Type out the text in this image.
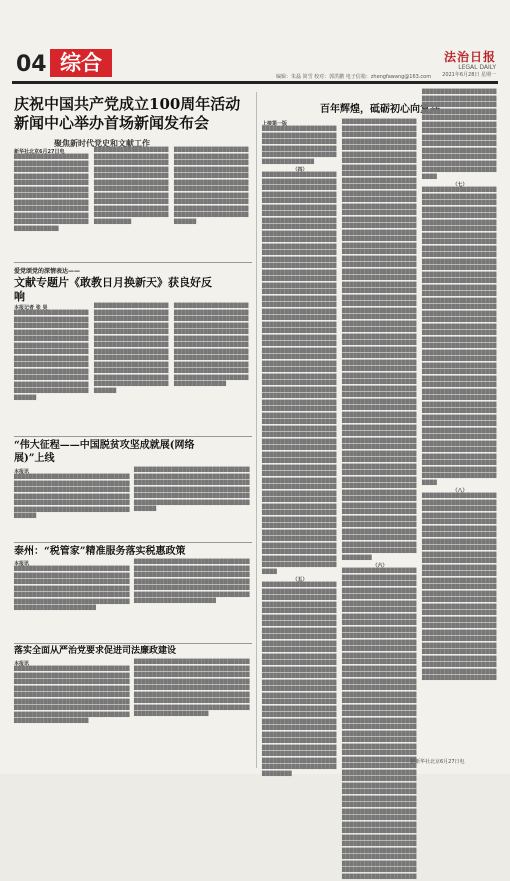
04 综合	法治日报
LEGAL DAILY
2021年6月28日 星期一
编辑：朱磊 简雪 校对：郭洪鹏 电子信箱：zhengfawang@163.com
庆祝中国共产党成立100周年活动
新闻中心举办首场新闻发布会
聚焦新时代党史和文献工作
新华社北京6月27日电
████████████████████████████████████████████████████████████████████████████████████████████████████████████████████████████████████████████████████████████████████████████████████████████████████████████████████████████████████████
██████████████████████████████████████████████████████████████████████████████████████████████████████████████████████████████████████████████████████████████████████████████████████████████████████████████████████████████████████
██████████████████████████████████████████████████████████████████████████████████████████████████████████████████████████████████████████████████████████████████████████████████████████████████████████████████████████████████
爱党颂党的深情表达——
文献专题片《敢教日月换新天》获良好反响
本报记者 张 昊
██████████████████████████████████████████████████████████████████████████████████████████████████████████████████████████████████████████████████████████████████████████████████████████████████████████████████████████████████████████████████████████████████████████
██████████████████████████████████████████████████████████████████████████████████████████████████████████████████████████████████████████████████████████████████████████████████████████████████████████████████████████████████████████████████████████████████████████
██████████████████████████████████████████████████████████████████████████████████████████████████████████████████████████████████████████████████████████████████████████████████████████████████████████████████████████████████████████████████████████████
“伟大征程——中国脱贫攻坚成就展(网络展)”上线
本报讯
████████████████████████████████████████████████████████████████████████████████████████████████████████████████████████████████████████████████████████████████████████████████████████████████
████████████████████████████████████████████████████████████████████████████████████████████████████████████████████████████████████████████████████████████████████████████████████████████████
泰州：“税管家”精准服务落实税惠政策
本报讯
████████████████████████████████████████████████████████████████████████████████████████████████████████████████████████████████████████████████████████████████████████████████████████████████████████████████
████████████████████████████████████████████████████████████████████████████████████████████████████████████████████████████████████████████████████████████████████████████████████████████████████████████████
落实全面从严治党要求促进司法廉政建设
本报讯
████████████████████████████████████████████████████████████████████████████████████████████████████████████████████████████████████████████████████████████████████████████████████████████████████████████████████████████████████████████████████████████████████████████
████████████████████████████████████████████████████████████████████████████████████████████████████████████████████████████████████████████████████████████████████████████████████████████████████████████████████████████████████████████████████████████████████████████
百年辉煌，砥砺初心向复兴
上接第一版
██████████████████████████████████████████████████████████████████████████████████████████████████████████████████
（四）
████████████████████████████████████████████████████████████████████████████████████████████████████████████████████████████████████████████████████████████████████████████████████████████████████████████████████████████████████████████████████████████████████████████████████████████████████████████████████████████████████████████████████████████████████████████████████████████████████████████████████████████████████████████████████████████████████████████████████████████████████████████████████████████████████████████████████████████████████████████████████████████████████████████████████████████████████████████████████████████████████████████████████████████████████████████████████████████████████████████████████████████████████████████████████████████████████████████████████████████████████████████████████████████████████████████████████████████████████████████████████████████████████████████████████████████████████████████████████████████████████████████████████████████████████████████████████████████████████████████████████████████████████████████████████████████████████████████████████████████████████████████████████████████████████████████████████████████████████████████████████████████████████████
（五）
████████████████████████████████████████████████████████████████████████████████████████████████████████████████████████████████████████████████████████████████████████████████████████████████████████████████████████████████████████████████████████████████████████████████████████████████████████████████████████████████████████████████████████████████████████████████████████████████████████████████████████████████████████████████████████████████████████████████████████████████████████████████████████████████████████████████████████████████████████████████████████████████████████████
████████████████████████████████████████████████████████████████████████████████████████████████████████████████████████████████████████████████████████████████████████████████████████████████████████████████████████████████████████████████████████████████████████████████████████████████████████████████████████████████████████████████████████████████████████████████████████████████████████████████████████████████████████████████████████████████████████████████████████████████████████████████████████████████████████████████████████████████████████████████████████████████████████████████████████████████████████████████████████████████████████████████████████████████████████████████████████████████████████████████████████████████████████████████████████████████████████████████████████████████████████████████████████████████████████████████████████████████████████████████████████████████████████████████████████████████████████████████████████████████████████████████████████████████████████████████████████████████████████████████████████████████████████████████████████████████████████████████████████████████████████████████████████████████████████████████████████████████████████████████████████████████████████████████████████████████████████████████████████████████████████████████████████████████████████████████████████████████████
（六）
████████████████████████████████████████████████████████████████████████████████████████████████████████████████████████████████████████████████████████████████████████████████████████████████████████████████████████████████████████████████████████████████████████████████████████████████████████████████████████████████████████████████████████████████████████████████████████████████████████████████████████████████████████████████████████████████████████████████████████████████████████████████████████████████████████████████████████████████████████████████████████████████████████████████████████████████████████████████████████████████████████████████████████████████████████████████████████████████████████████████████████████████████████████████████████████████████████████████████████████████████████████████████████████████████████████████████████████████████████████████████████████████████████████████████████████████████████████████████████████████
████████████████████████████████████████████████████████████████████████████████████████████████████████████████████████████████████████████████████████████████████████████████████████████████████████████████████████████████████████████████████████████████████████
（七）
████████████████████████████████████████████████████████████████████████████████████████████████████████████████████████████████████████████████████████████████████████████████████████████████████████████████████████████████████████████████████████████████████████████████████████████████████████████████████████████████████████████████████████████████████████████████████████████████████████████████████████████████████████████████████████████████████████████████████████████████████████████████████████████████████████████████████████████████████████████████████████████████████████████████████████████████████████████████████████████████████████████████████████████████████████████████████████████████████████████████████████████████████████████████████████████████████████████████████████████████████████████████████████████████████████████████████████████████████████████████████████████████████████
（八）
████████████████████████████████████████████████████████████████████████████████████████████████████████████████████████████████████████████████████████████████████████████████████████████████████████████████████████████████████████████████████████████████████████████████████████████████████████████████████████████████████████████████████████████████████████████████████████████████████████████████████████████████████████████████████████████████████████████████████████████████████████████████████████████████████████████████████████████████████████████████████████████████████
据新华社北京6月27日电
